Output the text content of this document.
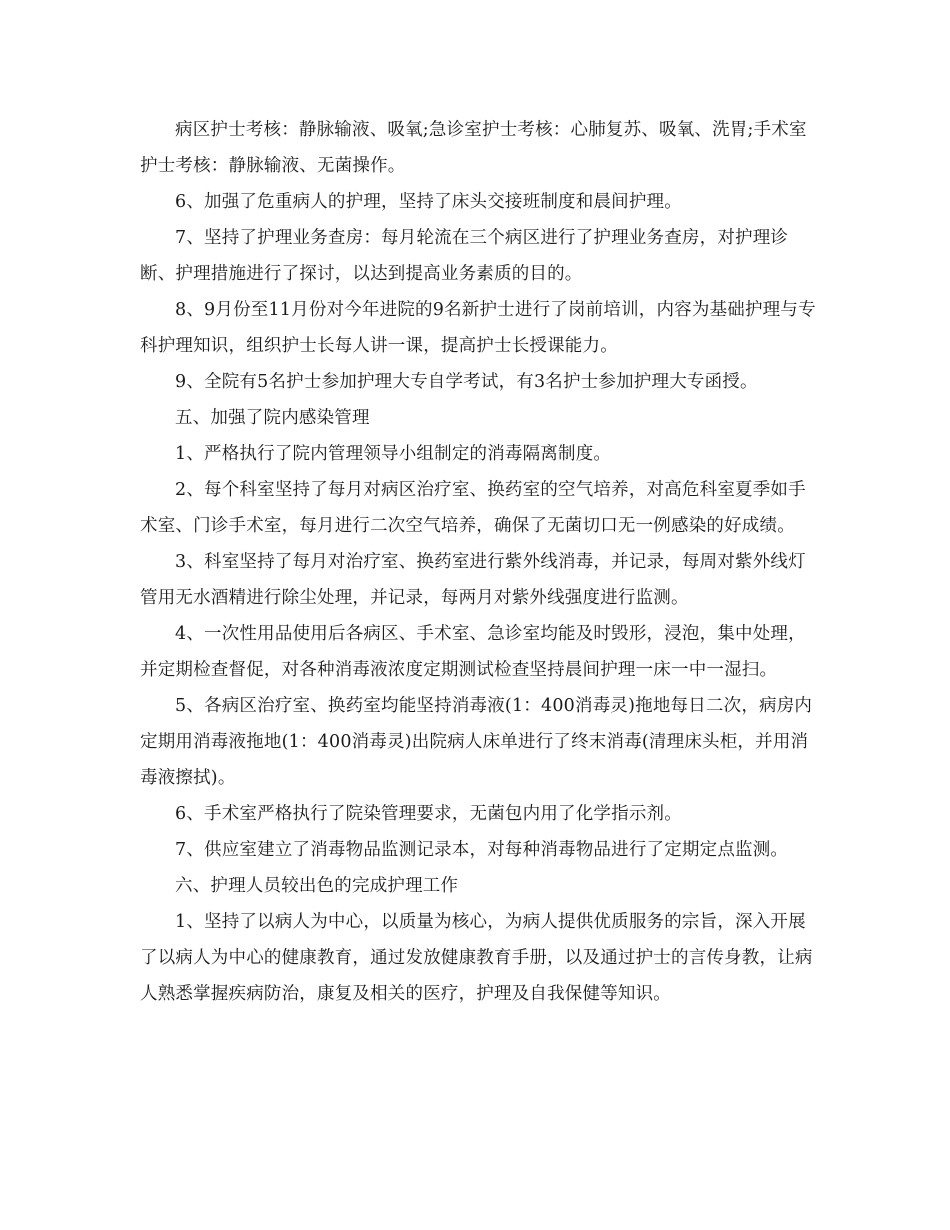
病区护士考核：静脉输液、吸氧;急诊室护士考核：心肺复苏、吸氧、洗胃;手术室护士考核：静脉输液、无菌操作。

6、加强了危重病人的护理，坚持了床头交接班制度和晨间护理。

7、坚持了护理业务查房：每月轮流在三个病区进行了护理业务查房，对护理诊断、护理措施进行了探讨，以达到提高业务素质的目的。

8、9月份至11月份对今年进院的9名新护士进行了岗前培训，内容为基础护理与专科护理知识，组织护士长每人讲一课，提高护士长授课能力。

9、全院有5名护士参加护理大专自学考试，有3名护士参加护理大专函授。

五、加强了院内感染管理

1、严格执行了院内管理领导小组制定的消毒隔离制度。

2、每个科室坚持了每月对病区治疗室、换药室的空气培养，对高危科室夏季如手术室、门诊手术室，每月进行二次空气培养，确保了无菌切口无一例感染的好成绩。

3、科室坚持了每月对治疗室、换药室进行紫外线消毒，并记录，每周对紫外线灯管用无水酒精进行除尘处理，并记录，每两月对紫外线强度进行监测。

4、一次性用品使用后各病区、手术室、急诊室均能及时毁形，浸泡，集中处理，并定期检查督促，对各种消毒液浓度定期测试检查坚持晨间护理一床一中一湿扫。

5、各病区治疗室、换药室均能坚持消毒液(1：400消毒灵)拖地每日二次，病房内定期用消毒液拖地(1：400消毒灵)出院病人床单进行了终末消毒(清理床头柜，并用消毒液擦拭)。

6、手术室严格执行了院染管理要求，无菌包内用了化学指示剂。

7、供应室建立了消毒物品监测记录本，对每种消毒物品进行了定期定点监测。

六、护理人员较出色的完成护理工作

1、坚持了以病人为中心，以质量为核心，为病人提供优质服务的宗旨，深入开展了以病人为中心的健康教育，通过发放健康教育手册，以及通过护士的言传身教，让病人熟悉掌握疾病防治，康复及相关的医疗，护理及自我保健等知识。
